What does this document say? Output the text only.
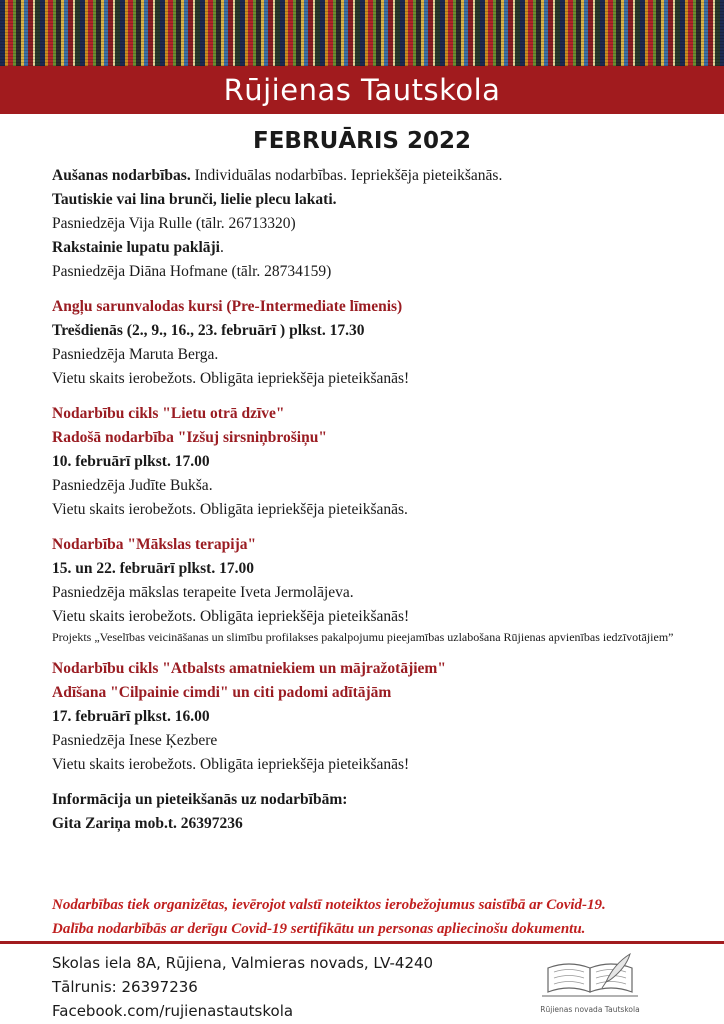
Rūjienas Tautskola
FEBRUĀRIS 2022

Aušanas nodarbības. Individuālas nodarbības. Iepriekšēja pieteikšanās.

Tautiskie vai lina brunči, lielie plecu lakati.

Pasniedzēja Vija Rulle (tālr. 26713320)

Rakstainie lupatu paklāji.

Pasniedzēja Diāna Hofmane (tālr. 28734159)

Angļu sarunvalodas kursi (Pre-Intermediate līmenis)

Trešdienās (2., 9., 16., 23. februārī ) plkst. 17.30

Pasniedzēja Maruta Berga.

Vietu skaits ierobežots. Obligāta iepriekšēja pieteikšanās!

Nodarbību cikls "Lietu otrā dzīve"

Radošā nodarbība "Izšuj sirsniņbrošiņu"

10. februārī plkst. 17.00

Pasniedzēja Judīte Bukša.

Vietu skaits ierobežots. Obligāta iepriekšēja pieteikšanās.

Nodarbība "Mākslas terapija"

15. un 22. februārī plkst. 17.00

Pasniedzēja mākslas terapeite Iveta Jermolājeva.

Vietu skaits ierobežots. Obligāta iepriekšēja pieteikšanās!

Projekts „Veselības veicināšanas un slimību profilakses pakalpojumu pieejamības uzlabošana Rūjienas apvienības iedzīvotājiem”

Nodarbību cikls "Atbalsts amatniekiem un mājražotājiem"

Adīšana "Cilpainie cimdi" un citi padomi adītājām

17. februārī plkst. 16.00

Pasniedzēja Inese Ķezbere

Vietu skaits ierobežots. Obligāta iepriekšēja pieteikšanās!

Informācija un pieteikšanās uz nodarbībām:

Gita Zariņa mob.t. 26397236

Nodarbības tiek organizētas, ievērojot valstī noteiktos ierobežojumus saistībā ar Covid-19.

Dalība nodarbībās ar derīgu Covid-19 sertifikātu un personas apliecinošu dokumentu.

Skolas iela 8A, Rūjiena, Valmieras novads, LV-4240
Tālrunis: 26397236
Facebook.com/rujienastautskola	Rūjienas novada Tautskola
